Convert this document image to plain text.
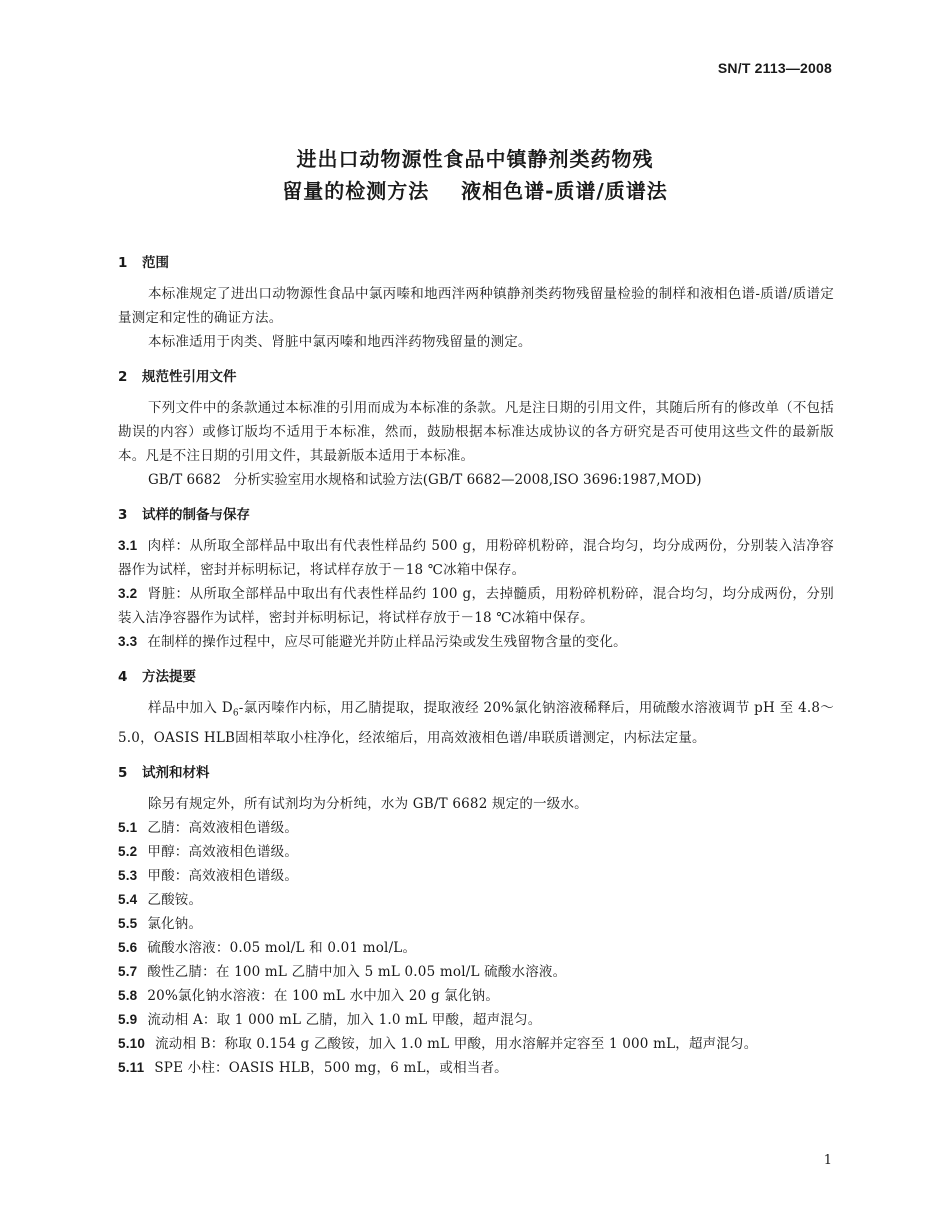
SN/T 2113—2008
进出口动物源性食品中镇静剂类药物残
留量的检测方法    液相色谱-质谱/质谱法
1 范围
本标准规定了进出口动物源性食品中氯丙嗪和地西泮两种镇静剂类药物残留量检验的制样和液相色谱-质谱/质谱定量测定和定性的确证方法。
本标准适用于肉类、肾脏中氯丙嗪和地西泮药物残留量的测定。
2 规范性引用文件
下列文件中的条款通过本标准的引用而成为本标准的条款。凡是注日期的引用文件，其随后所有的修改单（不包括勘误的内容）或修订版均不适用于本标准，然而，鼓励根据本标准达成协议的各方研究是否可使用这些文件的最新版本。凡是不注日期的引用文件，其最新版本适用于本标准。
GB/T 6682   分析实验室用水规格和试验方法(GB/T 6682—2008,ISO 3696:1987,MOD)
3 试样的制备与保存
3.1 肉样：从所取全部样品中取出有代表性样品约 500 g，用粉碎机粉碎，混合均匀，均分成两份，分别装入洁净容器作为试样，密封并标明标记，将试样存放于－18 ℃冰箱中保存。
3.2 肾脏：从所取全部样品中取出有代表性样品约 100 g，去掉髓质，用粉碎机粉碎，混合均匀，均分成两份，分别装入洁净容器作为试样，密封并标明标记，将试样存放于－18 ℃冰箱中保存。
3.3 在制样的操作过程中，应尽可能避光并防止样品污染或发生残留物含量的变化。
4 方法提要
样品中加入 $D_6-$氯丙嗪作内标，用乙腈提取，提取液经 20%氯化钠溶液稀释后，用硫酸水溶液调节 pH 至 4.8～5.0，OASIS HLB固相萃取小柱净化，经浓缩后，用高效液相色谱/串联质谱测定，内标法定量。
5 试剂和材料
除另有规定外，所有试剂均为分析纯，水为 GB/T 6682 规定的一级水。
5.1 乙腈：高效液相色谱级。
5.2 甲醇：高效液相色谱级。
5.3 甲酸：高效液相色谱级。
5.4 乙酸铵。
5.5 氯化钠。
5.6 硫酸水溶液：0.05 mol/L 和 0.01 mol/L。
5.7 酸性乙腈：在 100 mL 乙腈中加入 5 mL 0.05 mol/L 硫酸水溶液。
5.8 20%氯化钠水溶液：在 100 mL 水中加入 20 g 氯化钠。
5.9 流动相 A：取 1 000 mL 乙腈，加入 1.0 mL 甲酸，超声混匀。
5.10 流动相 B：称取 0.154 g 乙酸铵，加入 1.0 mL 甲酸，用水溶解并定容至 1 000 mL，超声混匀。
5.11 SPE 小柱：OASIS HLB，500 mg，6 mL，或相当者。
1
